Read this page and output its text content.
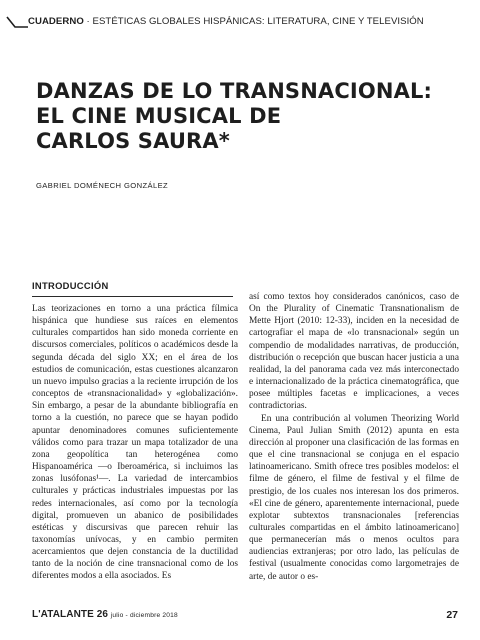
CUADERNO · ESTÉTICAS GLOBALES HISPÁNICAS: LITERATURA, CINE Y TELEVISIÓN
DANZAS DE LO TRANSNACIONAL:
EL CINE MUSICAL DE
CARLOS SAURA*
GABRIEL DOMÉNECH GONZÁLEZ
INTRODUCCIÓN

Las teorizaciones en torno a una práctica fílmica hispánica que hundiese sus raíces en elementos culturales compartidos han sido moneda corriente en discursos comerciales, políticos o académicos desde la segunda década del siglo XX; en el área de los estudios de comunicación, estas cuestiones alcanzaron un nuevo impulso gracias a la reciente irrupción de los conceptos de «transnacionalidad» y «globalización». Sin embargo, a pesar de la abundante bibliografía en torno a la cuestión, no parece que se hayan podido apuntar denominadores comunes suficientemente válidos como para trazar un mapa totalizador de una zona geopolítica tan heterogénea como Hispanoamérica —o Iberoamérica, si incluimos las zonas lusófonas¹—. La variedad de intercambios culturales y prácticas industriales impuestas por las redes internacionales, así como por la tecnología digital, promueven un abanico de posibilidades estéticas y discursivas que parecen rehuir las taxonomías unívocas, y en cambio permiten acercamientos que dejen constancia de la ductilidad tanto de la noción de cine transnacional como de los diferentes modos a ella asociados. Es

así como textos hoy considerados canónicos, caso de On the Plurality of Cinematic Transnationalism de Mette Hjort (2010: 12-33), inciden en la necesidad de cartografiar el mapa de «lo transnacional» según un compendio de modalidades narrativas, de producción, distribución o recepción que buscan hacer justicia a una realidad, la del panorama cada vez más interconectado e internacionalizado de la práctica cinematográfica, que posee múltiples facetas e implicaciones, a veces contradictorias.

En una contribución al volumen Theorizing World Cinema, Paul Julian Smith (2012) apunta en esta dirección al proponer una clasificación de las formas en que el cine transnacional se conjuga en el espacio latinoamericano. Smith ofrece tres posibles modelos: el filme de género, el filme de festival y el filme de prestigio, de los cuales nos interesan los dos primeros. «El cine de género, aparentemente internacional, puede explotar subtextos transnacionales [referencias culturales compartidas en el ámbito latinoamericano] que permanecerían más o menos ocultos para audiencias extranjeras; por otro lado, las películas de festival (usualmente conocidas como largometrajes de arte, de autor o es-

L'ATALANTE 26 julio - diciembre 2018	27
